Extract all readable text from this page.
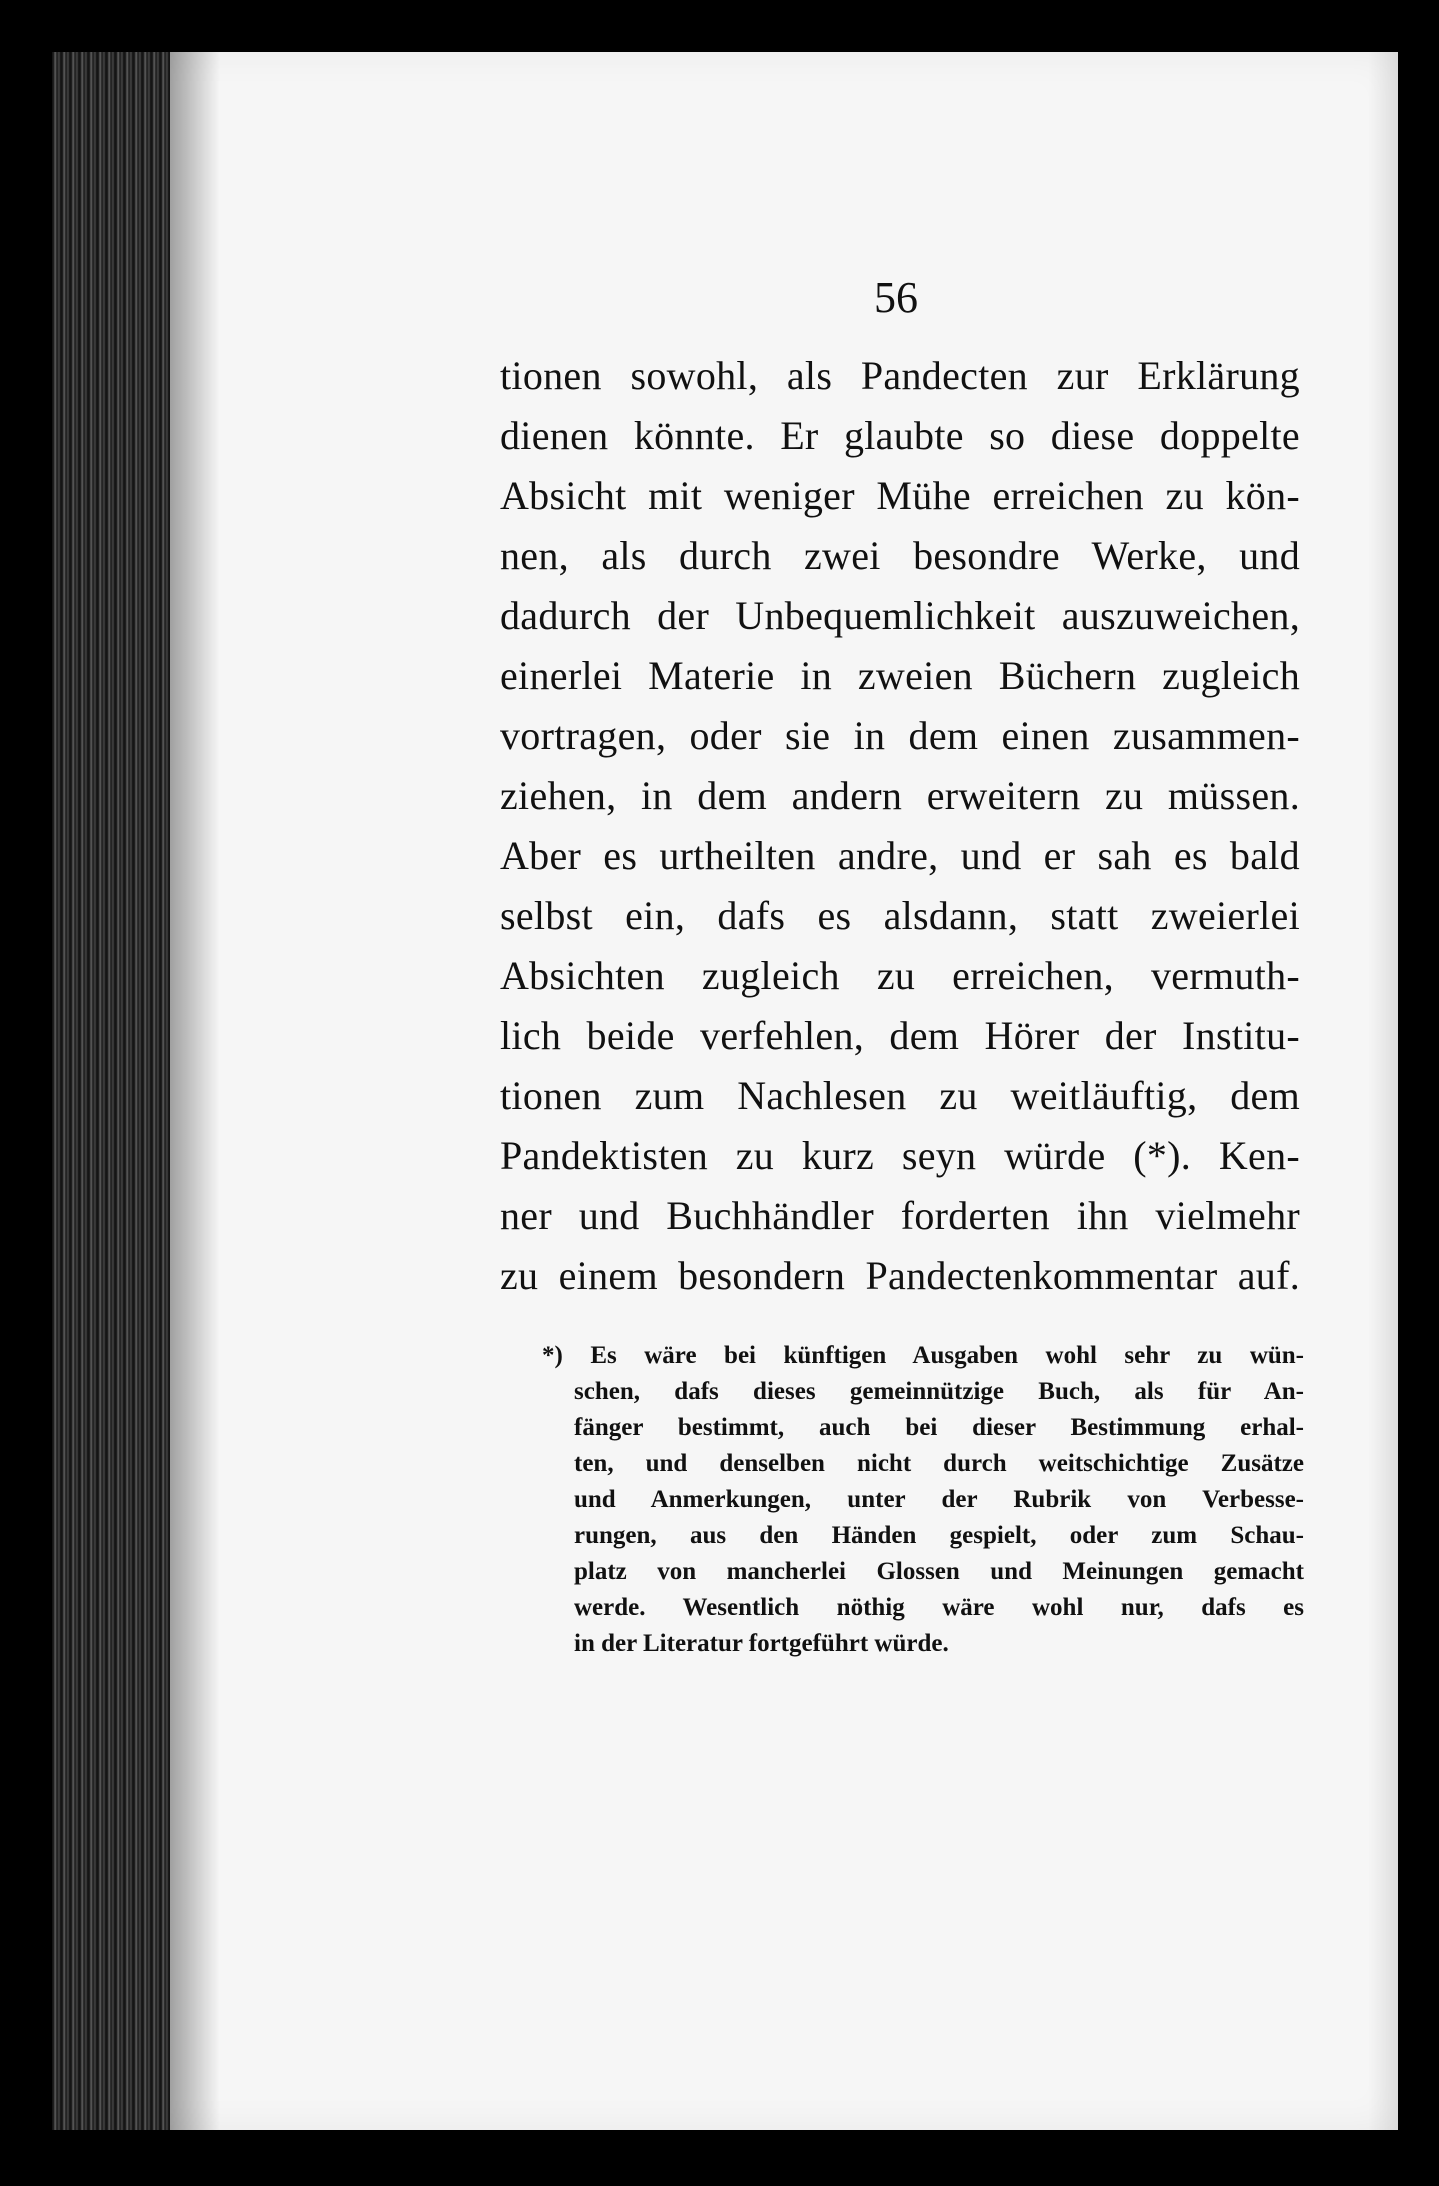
56
tionen sowohl, als Pandecten zur Erklärung
dienen könnte. Er glaubte so diese doppelte
Absicht mit weniger Mühe erreichen zu kön-
nen, als durch zwei besondre Werke, und
dadurch der Unbequemlichkeit auszuweichen,
einerlei Materie in zweien Büchern zugleich
vortragen, oder sie in dem einen zusammen-
ziehen, in dem andern erweitern zu müssen.
Aber es urtheilten andre, und er sah es bald
selbst ein, dafs es alsdann, statt zweierlei
Absichten zugleich zu erreichen, vermuth-
lich beide verfehlen, dem Hörer der Institu-
tionen zum Nachlesen zu weitläuftig, dem
Pandektisten zu kurz seyn würde (*). Ken-
ner und Buchhändler forderten ihn vielmehr
zu einem besondern Pandectenkommentar auf.
*) Es wäre bei künftigen Ausgaben wohl sehr zu wün-
schen, dafs dieses gemeinnützige Buch, als für An-
fänger bestimmt, auch bei dieser Bestimmung erhal-
ten, und denselben nicht durch weitschichtige Zusätze
und Anmerkungen, unter der Rubrik von Verbesse-
rungen, aus den Händen gespielt, oder zum Schau-
platz von mancherlei Glossen und Meinungen gemacht
werde. Wesentlich nöthig wäre wohl nur, dafs es
in der Literatur fortgeführt würde.
